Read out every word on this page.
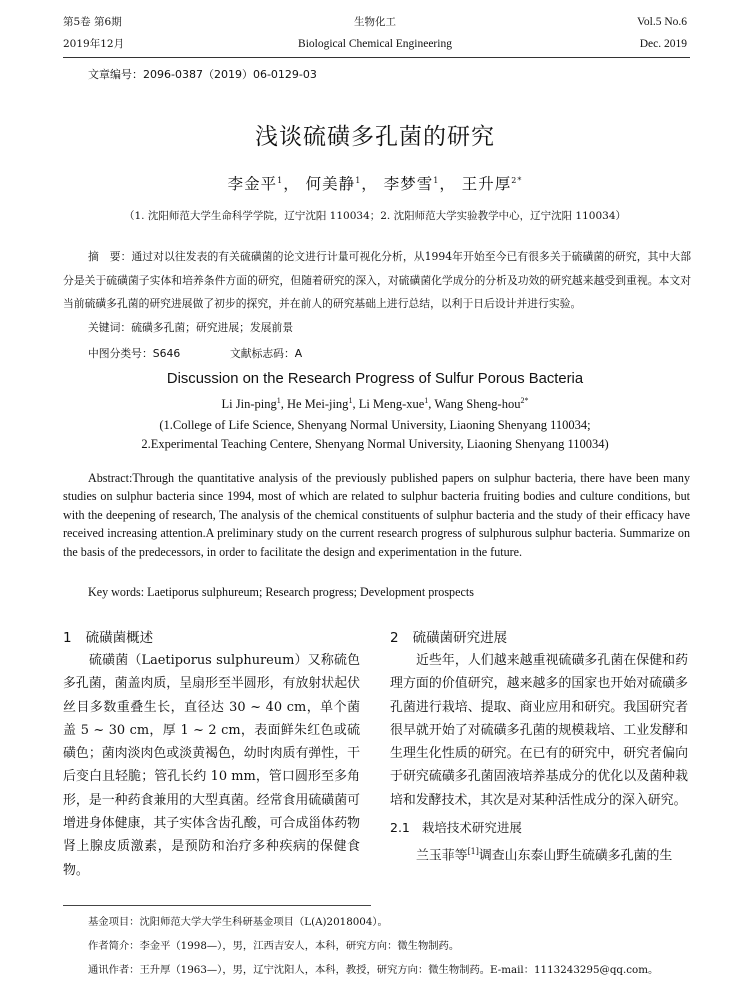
第5卷 第6期
2019年12月
生物化工
Biological Chemical Engineering
Vol.5 No.6
Dec. 2019
文章编号：2096-0387（2019）06-0129-03
浅谈硫磺多孔菌的研究
李金平$^1$， 何美静$^1$， 李梦雪$^1$， 王升厚$^{2*}$
（1. 沈阳师范大学生命科学学院，辽宁沈阳 110034；2. 沈阳师范大学实验教学中心，辽宁沈阳 110034）

摘　要：通过对以往发表的有关硫磺菌的论文进行计量可视化分析，从1994年开始至今已有很多关于硫磺菌的研究，其中大部分是关于硫磺菌子实体和培养条件方面的研究，但随着研究的深入，对硫磺菌化学成分的分析及功效的研究越来越受到重视。本文对当前硫磺多孔菌的研究进展做了初步的探究，并在前人的研究基础上进行总结，以利于日后设计并进行实验。

关键词：硫磺多孔菌；研究进展；发展前景
中图分类号：S646	文献标志码：A
Discussion on the Research Progress of Sulfur Porous Bacteria
Li Jin-ping$^1$, He Mei-jing$^1$, Li Meng-xue$^1$, Wang Sheng-hou$^{2*}$
(1.College of Life Science, Shenyang Normal University, Liaoning Shenyang 110034;
2.Experimental Teaching Centere, Shenyang Normal University, Liaoning Shenyang 110034)

Abstract:Through the quantitative analysis of the previously published papers on sulphur bacteria, there have been many studies on sulphur bacteria since 1994, most of which are related to sulphur bacteria fruiting bodies and culture conditions, but with the deepening of research, The analysis of the chemical constituents of sulphur bacteria and the study of their efficacy have received increasing attention.A preliminary study on the current research progress of sulphurous sulphur bacteria. Summarize on the basis of the predecessors, in order to facilitate the design and experimentation in the future.

Key words: Laetiporus sulphureum; Research progress; Development prospects
1 硫磺菌概述

硫磺菌（Laetiporus sulphureum）又称硫色多孔菌，菌盖肉质，呈扇形至半圆形，有放射状起伏丝目多数重叠生长，直径达 30 ~ 40 cm，单个菌盖 5 ~ 30 cm，厚 1 ~ 2 cm，表面鲜朱红色或硫磺色；菌肉淡肉色或淡黄褐色，幼时肉质有弹性，干后变白且轻脆；管孔长约 10 mm，管口圆形至多角形，是一种药食兼用的大型真菌。经常食用硫磺菌可增进身体健康，其子实体含齿孔酸，可合成甾体药物肾上腺皮质激素，是预防和治疗多种疾病的保健食物。

2 硫磺菌研究进展

近些年，人们越来越重视硫磺多孔菌在保健和药理方面的价值研究，越来越多的国家也开始对硫磺多孔菌进行栽培、提取、商业应用和研究。我国研究者很早就开始了对硫磺多孔菌的规模栽培、工业发酵和生理生化性质的研究。在已有的研究中，研究者偏向于研究硫磺多孔菌固液培养基成分的优化以及菌种栽培和发酵技术，其次是对某种活性成分的深入研究。

2.1 栽培技术研究进展

兰玉菲等[1]调查山东泰山野生硫磺多孔菌的生

基金项目：沈阳师范大学大学生科研基金项目（L(A)2018004）。
作者简介：李金平（1998—），男，江西吉安人，本科，研究方向：微生物制药。
通讯作者：王升厚（1963—），男，辽宁沈阳人，本科，教授，研究方向：微生物制药。E-mail：1113243295@qq.com。
